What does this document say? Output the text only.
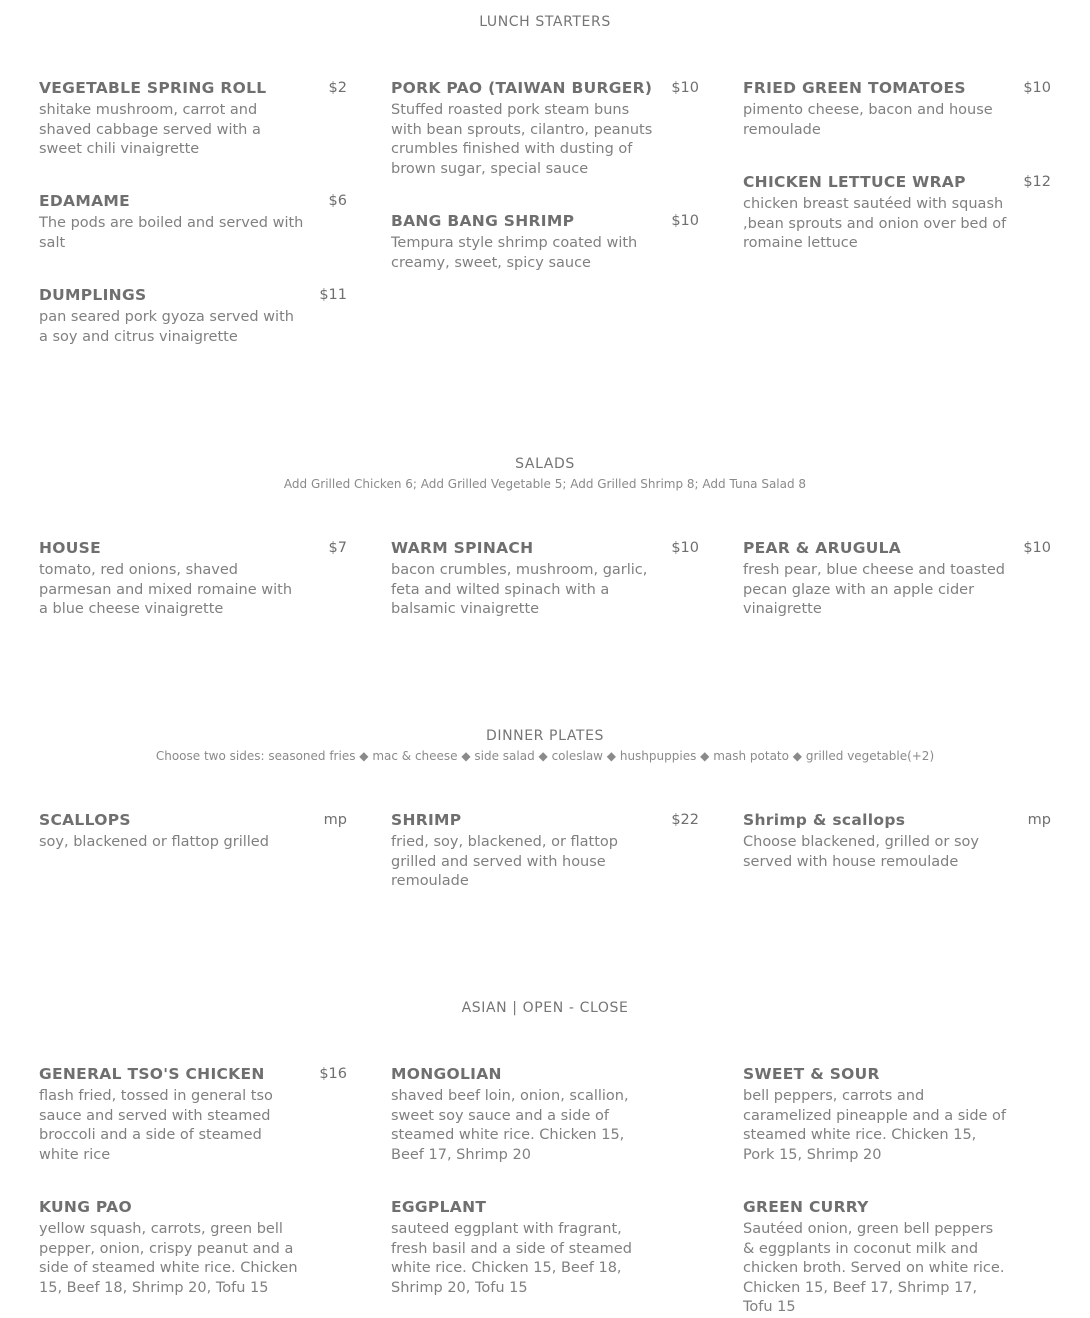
LUNCH STARTERS
VEGETABLE SPRING ROLL	$2
shitake mushroom, carrot and shaved cabbage served with a sweet chili vinaigrette
PORK PAO (TAIWAN BURGER) $10
Stuffed roasted pork steam buns with bean sprouts, cilantro, peanuts crumbles finished with dusting of brown sugar, special sauce
FRIED GREEN TOMATOES	$10
pimento cheese, bacon and house remoulade
EDAMAME	$6
The pods are boiled and served with salt
BANG BANG SHRIMP	$10
Tempura style shrimp coated with creamy, sweet, spicy sauce
CHICKEN LETTUCE WRAP	$12
chicken breast sautéed with squash ,bean sprouts and onion over bed of romaine lettuce
DUMPLINGS	$11
pan seared pork gyoza served with a soy and citrus vinaigrette
SALADS
Add Grilled Chicken 6; Add Grilled Vegetable 5; Add Grilled Shrimp 8; Add Tuna Salad 8
HOUSE	$7
tomato, red onions, shaved parmesan and mixed romaine with a blue cheese vinaigrette
WARM SPINACH	$10
bacon crumbles, mushroom, garlic, feta and wilted spinach with a balsamic vinaigrette
PEAR & ARUGULA	$10
fresh pear, blue cheese and toasted pecan glaze with an apple cider vinaigrette
DINNER PLATES
Choose two sides: seasoned fries ◆ mac & cheese ◆ side salad ◆ coleslaw ◆ hushpuppies ◆ mash potato ◆ grilled vegetable(+2)
SCALLOPS	mp
soy, blackened or flattop grilled
SHRIMP	$22
fried, soy, blackened, or flattop grilled and served with house remoulade
Shrimp & scallops	mp
Choose blackened, grilled or soy served with house remoulade
ASIAN | OPEN - CLOSE
GENERAL TSO'S CHICKEN	$16
flash fried, tossed in general tso sauce and served with steamed broccoli and a side of steamed white rice
MONGOLIAN
shaved beef loin, onion, scallion, sweet soy sauce and a side of steamed white rice. Chicken 15, Beef 17, Shrimp 20
SWEET & SOUR
bell peppers, carrots and caramelized pineapple and a side of steamed white rice. Chicken 15, Pork 15, Shrimp 20
KUNG PAO
yellow squash, carrots, green bell pepper, onion, crispy peanut and a side of steamed white rice. Chicken 15, Beef 18, Shrimp 20, Tofu 15
EGGPLANT
sauteed eggplant with fragrant, fresh basil and a side of steamed white rice. Chicken 15, Beef 18, Shrimp 20, Tofu 15
GREEN CURRY
Sautéed onion, green bell peppers & eggplants in coconut milk and chicken broth. Served on white rice. Chicken 15, Beef 17, Shrimp 17, Tofu 15
